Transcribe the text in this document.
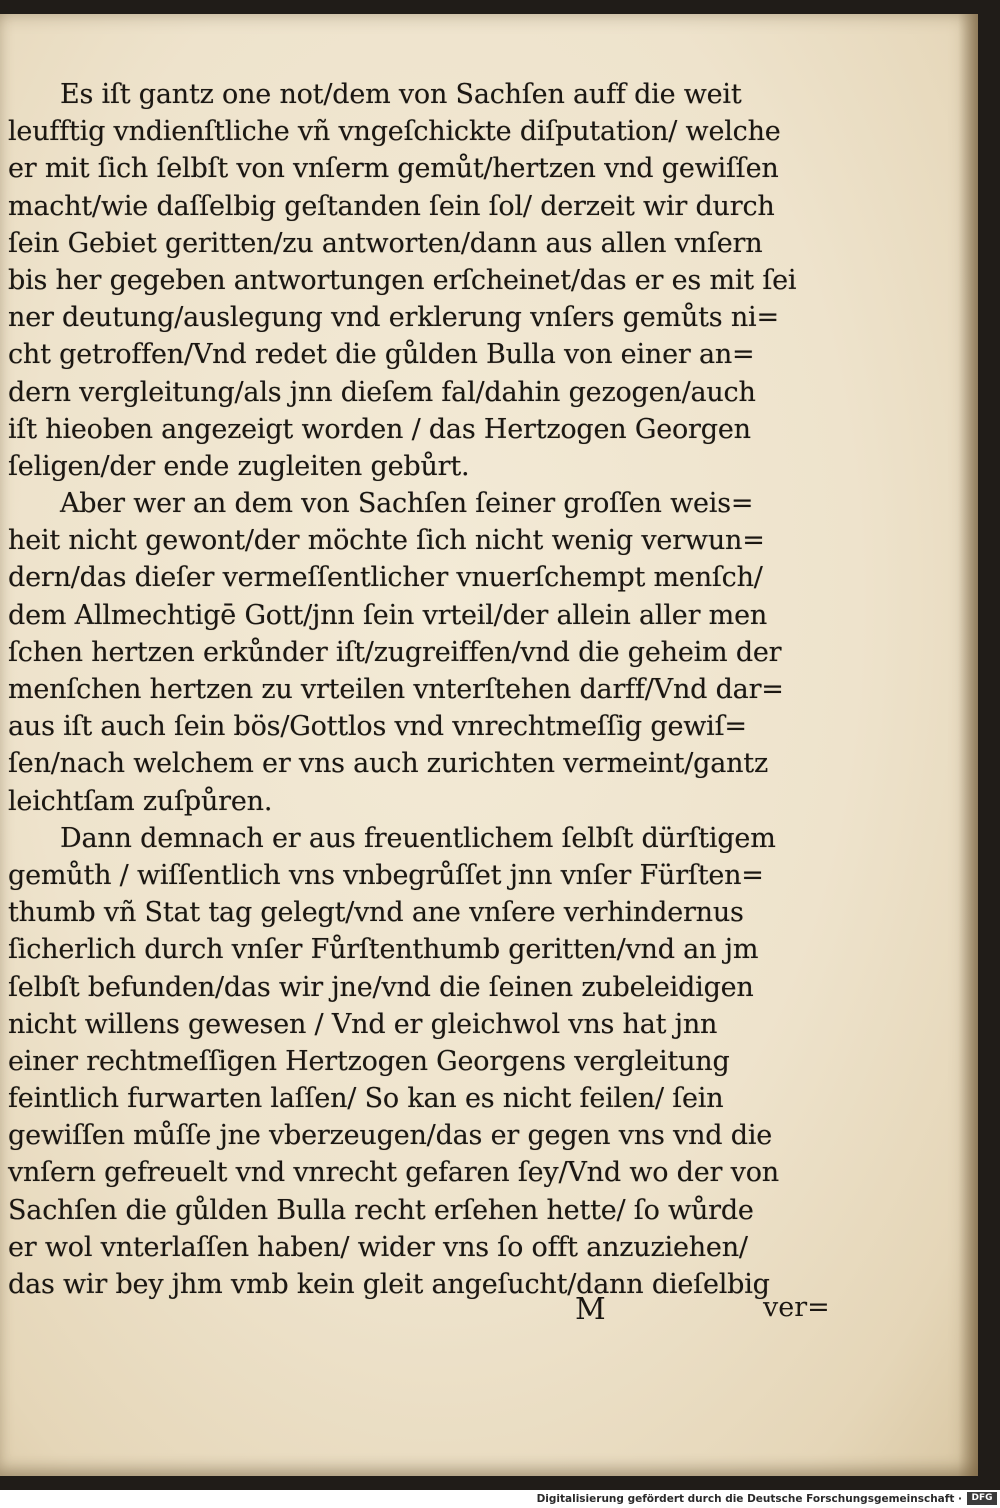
Es iſt gantz one not/dem von Sachſen auff die weit
leufftig vndienſtliche vñ vngeſchickte diſputation/ welche
er mit ſich ſelbſt von vnſerm gemůt/hertzen vnd gewiſſen
macht/wie daſſelbig geſtanden ſein ſol/ derzeit wir durch
ſein Gebiet geritten/zu antworten/dann aus allen vnſern
bis her gegeben antwortungen erſcheinet/das er es mit ſei
ner deutung/auslegung vnd erklerung vnſers gemůts ni=
cht getroffen/Vnd redet die gůlden Bulla von einer an=
dern vergleitung/als jnn dieſem fal/dahin gezogen/auch
iſt hieoben angezeigt worden / das Hertzogen Georgen
ſeligen/der ende zugleiten gebůrt.
Aber wer an dem von Sachſen ſeiner groſſen weis=
heit nicht gewont/der möchte ſich nicht wenig verwun=
dern/das dieſer vermeſſentlicher vnuerſchempt menſch/
dem Allmechtigē Gott/jnn ſein vrteil/der allein aller men
ſchen hertzen erkůnder iſt/zugreiffen/vnd die geheim der
menſchen hertzen zu vrteilen vnterſtehen darff/Vnd dar=
aus iſt auch ſein bös/Gottlos vnd vnrechtmeſſig gewiſ=
ſen/nach welchem er vns auch zurichten vermeint/gantz
leichtſam zuſpůren.
Dann demnach er aus freuentlichem ſelbſt dürſtigem
gemůth / wiſſentlich vns vnbegrůſſet jnn vnſer Fürſten=
thumb vñ Stat tag gelegt/vnd ane vnſere verhindernus
ſicherlich durch vnſer Fůrſtenthumb geritten/vnd an jm
ſelbſt befunden/das wir jne/vnd die ſeinen zubeleidigen
nicht willens gewesen / Vnd er gleichwol vns hat jnn
einer rechtmeſſigen Hertzogen Georgens vergleitung
feintlich furwarten laſſen/ So kan es nicht feilen/ ſein
gewiſſen můſſe jne vberzeugen/das er gegen vns vnd die
vnſern gefreuelt vnd vnrecht gefaren ſey/Vnd wo der von
Sachſen die gůlden Bulla recht erſehen hette/ ſo wůrde
er wol vnterlaſſen haben/ wider vns ſo offt anzuziehen/
das wir bey jhm vmb kein gleit angeſucht/dann dieſelbig
M	ver=
Digitalisierung gefördert durch die Deutsche Forschungsgemeinschaft ·	DFG
